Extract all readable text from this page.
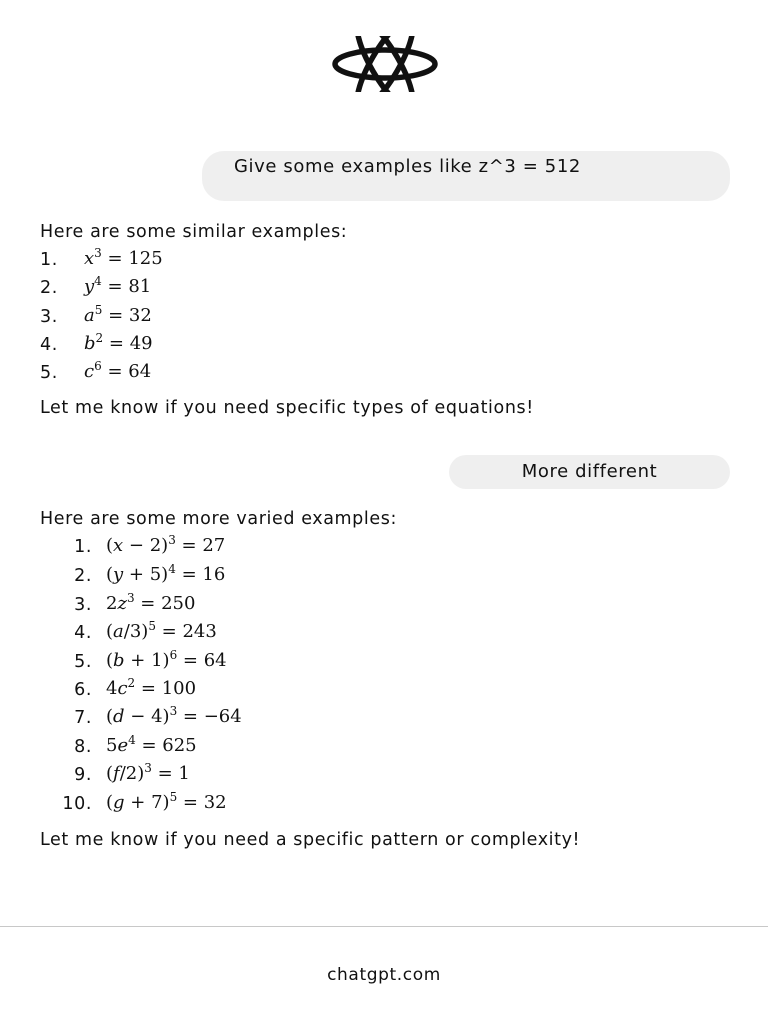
Give some examples like z^3 = 512

Here are some similar examples:

1. $x^3 = 125$
2. $y^4 = 81$
3. $a^5 = 32$
4. $b^2 = 49$
5. $c^6 = 64$

Let me know if you need specific types of equations!

More different

Here are some more varied examples:

1. $(x - 2)^3 = 27$
2. $(y + 5)^4 = 16$
3. $2z^3 = 250$
4. $(a/3)^5 = 243$
5. $(b + 1)^6 = 64$
6. $4c^2 = 100$
7. $(d - 4)^3 = -64$
8. $5e^4 = 625$
9. $(f/2)^3 = 1$
10. $(g + 7)^5 = 32$

Let me know if you need a specific pattern or complexity!

chatgpt.com
